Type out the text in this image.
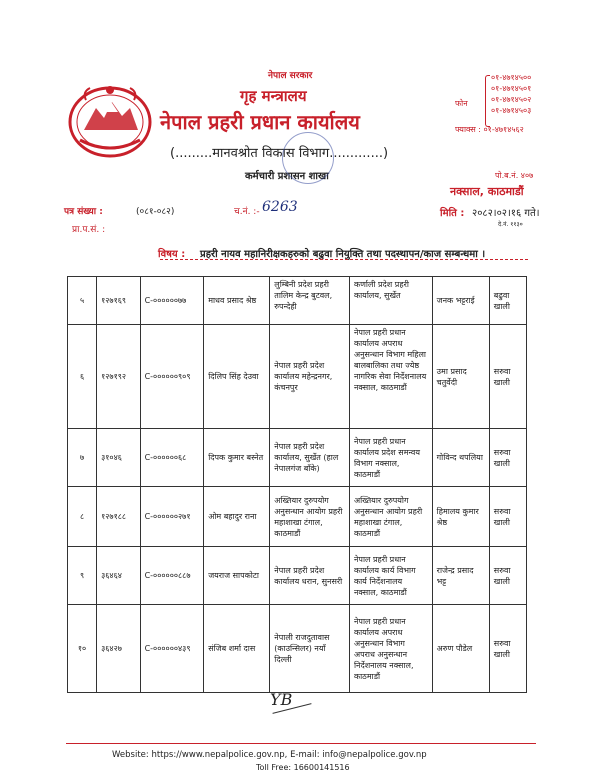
नेपाल सरकार
गृह मन्त्रालय
नेपाल प्रहरी प्रधान कार्यालय
(.........मानवश्रोत विकास विभाग.............)
कर्मचारी प्रशासन शाखा
फोन
०१-४७१४५००
०१-४७१४५०१
०१-४७१४५०२
०१-४७१४५०३
फ्याक्स : ०१-४७१४५६२
पो.ब.नं. ४०७
नक्साल, काठमाडौं
पत्र संख्या :	(०८१-०८२)	च.नं. :- 6263	मिति : २०८२।०२।१६ गते।
दे.नं. ११३०
प्रा.प.सं. :
विषय : प्रहरी नायव महानिरीक्षकहरुको बढुवा नियुक्ति तथा पदस्थापन/काज सम्बन्धमा ।
५	१२७१६९	C-००००००७७	माधव प्रसाद श्रेष्ठ	लुम्बिनी प्रदेश प्रहरी तालिम केन्द्र बुटवल, रुपन्देही	कर्णाली प्रदेश प्रहरी कार्यालय, सुर्खेत	जनक भट्टराई	बढुवा खाली
६	१२७१९२	C-००००००९०९	दिलिप सिंह देउवा	नेपाल प्रहरी प्रदेश कार्यालय महेन्द्रनगर, कंचनपुर	नेपाल प्रहरी प्रधान कार्यालय अपराध अनुसन्धान विभाग महिला बालबालिका तथा ज्येष्ठ नागरिक सेवा निर्देशनालय नक्साल, काठमाडौं	उमा प्रसाद चतुर्वेदी	सरुवा खाली
७	३१०४६	C-००००००६८	दिपक कुमार बस्नेत	नेपाल प्रहरी प्रदेश कार्यालय, सुर्खेत (हाल नेपालगंज बाँके)	नेपाल प्रहरी प्रधान कार्यालय प्रदेश समन्वय विभाग नक्साल, काठमाडौं	गोविन्द थपलिया	सरुवा खाली
८	१२७१८८	C-००००००२७१	ओम बहादुर राना	अख्तियार दुरुपयोग अनुसन्धान आयोग प्रहरी महाशाखा टंगाल, काठमाडौं	अख्तियार दुरुपयोग अनुसन्धान आयोग प्रहरी महाशाखा टंगाल, काठमाडौं	हिमालय कुमार श्रेष्ठ	सरुवा खाली
९	३६४६४	C-००००००८८७	जयराज सापकोटा	नेपाल प्रहरी प्रदेश कार्यालय धरान, सुनसरी	नेपाल प्रहरी प्रधान कार्यालय कार्य विभाग कार्य निर्देशनालय नक्साल, काठमाडौं	राजेन्द्र प्रसाद भट्ट	सरुवा खाली
१०	३६४२७	C-००००००४३९	संजिब शर्मा दास	नेपाली राजदुतावास (काउन्सिलर) नयाँ दिल्ली	नेपाल प्रहरी प्रधान कार्यालय अपराध अनुसन्धान विभाग अपराध अनुसन्धान निर्देशनालय नक्साल, काठमाडौं	अरुण पौडेल	सरुवा खाली
YB
Website: https://www.nepalpolice.gov.np, E-mail: info@nepalpolice.gov.np
Toll Free: 16600141516
